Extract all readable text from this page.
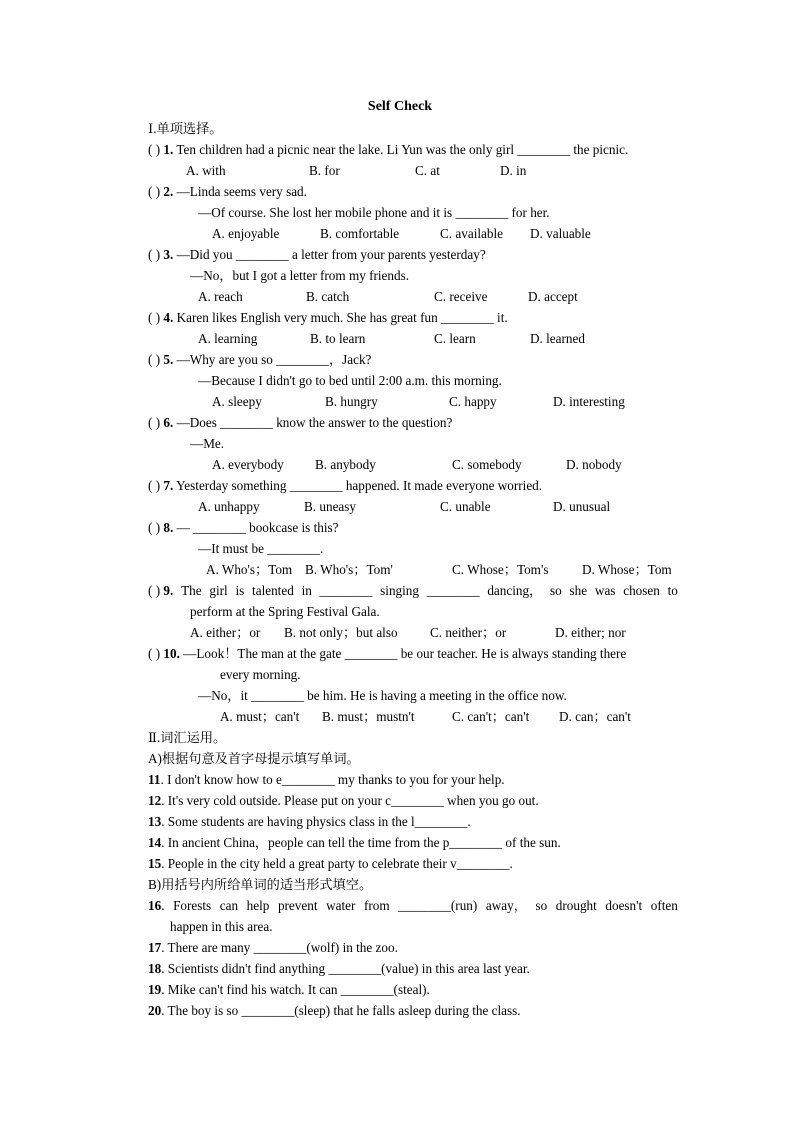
Self Check
Ⅰ.单项选择。
( ) 1. Ten children had a picnic near the lake. Li Yun was the only girl ________ the picnic.
A. with	B. for	C. at	D. in
( ) 2. —Linda seems very sad.
—Of course. She lost her mobile phone and it is ________ for her.
A. enjoyable	B. comfortable	C. available D. valuable
( ) 3. —Did you ________ a letter from your parents yesterday?
—No，but I got a letter from my friends.
A. reach	B. catch	C. receive	D. accept
( ) 4. Karen likes English very much. She has great fun ________ it.
A. learning	B. to learn	C. learn	D. learned
( ) 5. —Why are you so ________，Jack?
—Because I didn't go to bed until 2:00 a.m. this morning.
A. sleepy	B. hungry	C. happy	D. interesting
( ) 6. —Does ________ know the answer to the question?
—Me.
A. everybody B. anybody	C. somebody	D. nobody
( ) 7. Yesterday something ________ happened. It made everyone worried.
A. unhappy	B. uneasy	C. unable	D. unusual
( ) 8. — ________ bookcase is this?
—It must be ________.
A. Who's；Tom B. Who's；Tom'	C. Whose；Tom's	D. Whose；Tom
( ) 9. The girl is talented in ________ singing ________ dancing， so she was chosen to
perform at the Spring Festival Gala.
A. either；or B. not only；but also C. neither；or	D. either; nor
( ) 10. —Look！The man at the gate ________ be our teacher. He is always standing there
every morning.
—No，it ________ be him. He is having a meeting in the office now.
A. must；can't B. must；mustn't	C. can't；can't D. can；can't
Ⅱ.词汇运用。
A)根据句意及首字母提示填写单词。
11. I don't know how to e________ my thanks to you for your help.
12. It's very cold outside. Please put on your c________ when you go out.
13. Some students are having physics class in the l________.
14. In ancient China，people can tell the time from the p________ of the sun.
15. People in the city held a great party to celebrate their v________.
B)用括号内所给单词的适当形式填空。
16. Forests can help prevent water from ________(run) away， so drought doesn't often
happen in this area.
17. There are many ________(wolf) in the zoo.
18. Scientists didn't find anything ________(value) in this area last year.
19. Mike can't find his watch. It can ________(steal).
20. The boy is so ________(sleep) that he falls asleep during the class.
